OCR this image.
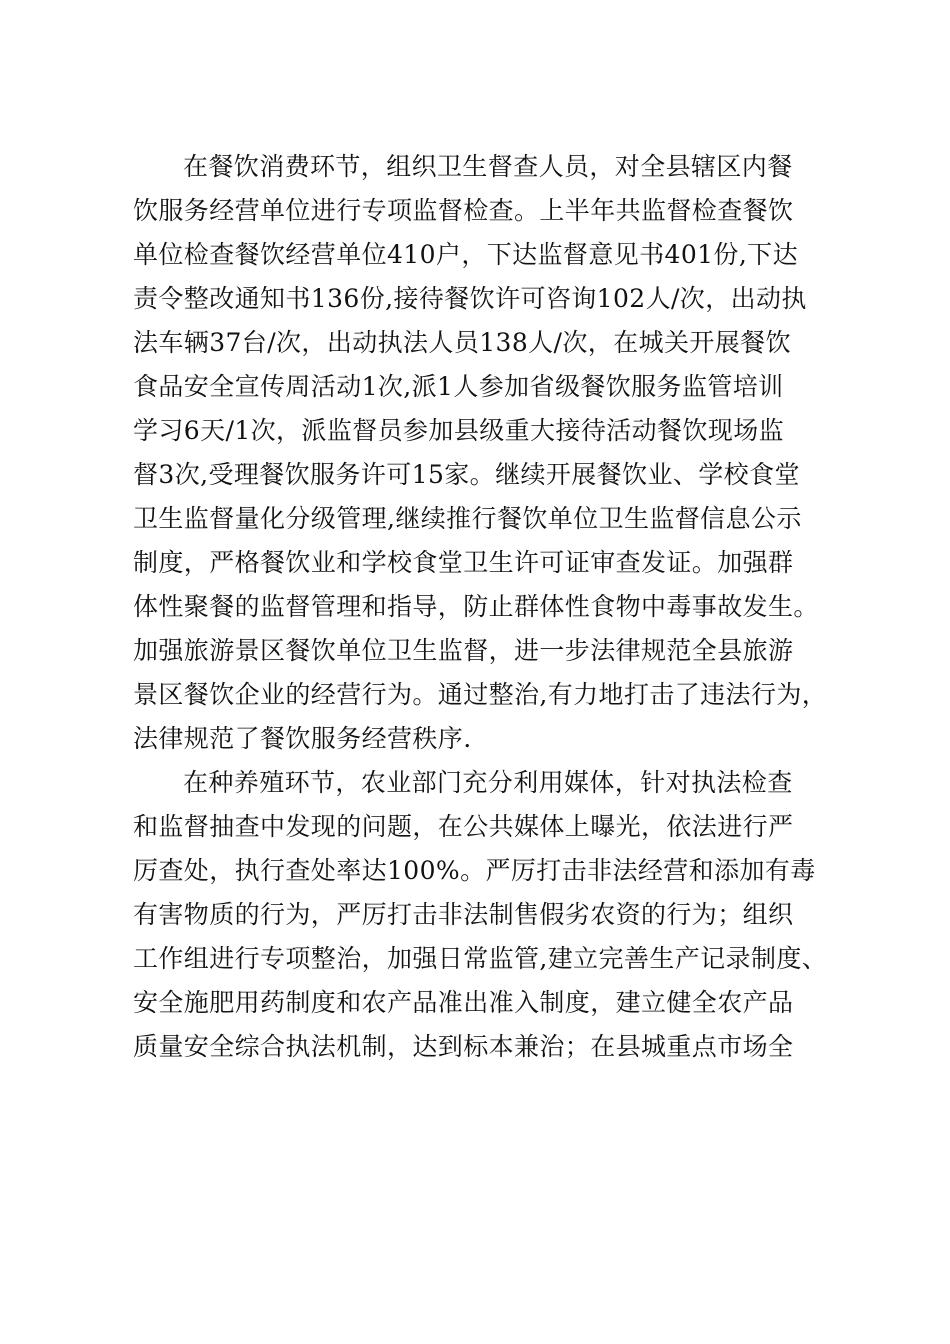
在餐饮消费环节，组织卫生督查人员，对全县辖区内餐
饮服务经营单位进行专项监督检查。上半年共监督检查餐饮
单位检查餐饮经营单位410户，下达监督意见书401份,下达
责令整改通知书136份,接待餐饮许可咨询102人/次，出动执
法车辆37台/次，出动执法人员138人/次，在城关开展餐饮
食品安全宣传周活动1次,派1人参加省级餐饮服务监管培训
学习6天/1次，派监督员参加县级重大接待活动餐饮现场监
督3次,受理餐饮服务许可15家。继续开展餐饮业、学校食堂
卫生监督量化分级管理,继续推行餐饮单位卫生监督信息公示
制度，严格餐饮业和学校食堂卫生许可证审查发证。加强群
体性聚餐的监督管理和指导，防止群体性食物中毒事故发生。
加强旅游景区餐饮单位卫生监督，进一步法律规范全县旅游
景区餐饮企业的经营行为。通过整治,有力地打击了违法行为，
法律规范了餐饮服务经营秩序.
在种养殖环节，农业部门充分利用媒体，针对执法检查
和监督抽查中发现的问题，在公共媒体上曝光，依法进行严
厉查处，执行查处率达100%。严厉打击非法经营和添加有毒
有害物质的行为，严厉打击非法制售假劣农资的行为；组织
工作组进行专项整治，加强日常监管,建立完善生产记录制度、
安全施肥用药制度和农产品准出准入制度，建立健全农产品
质量安全综合执法机制，达到标本兼治；在县城重点市场全
